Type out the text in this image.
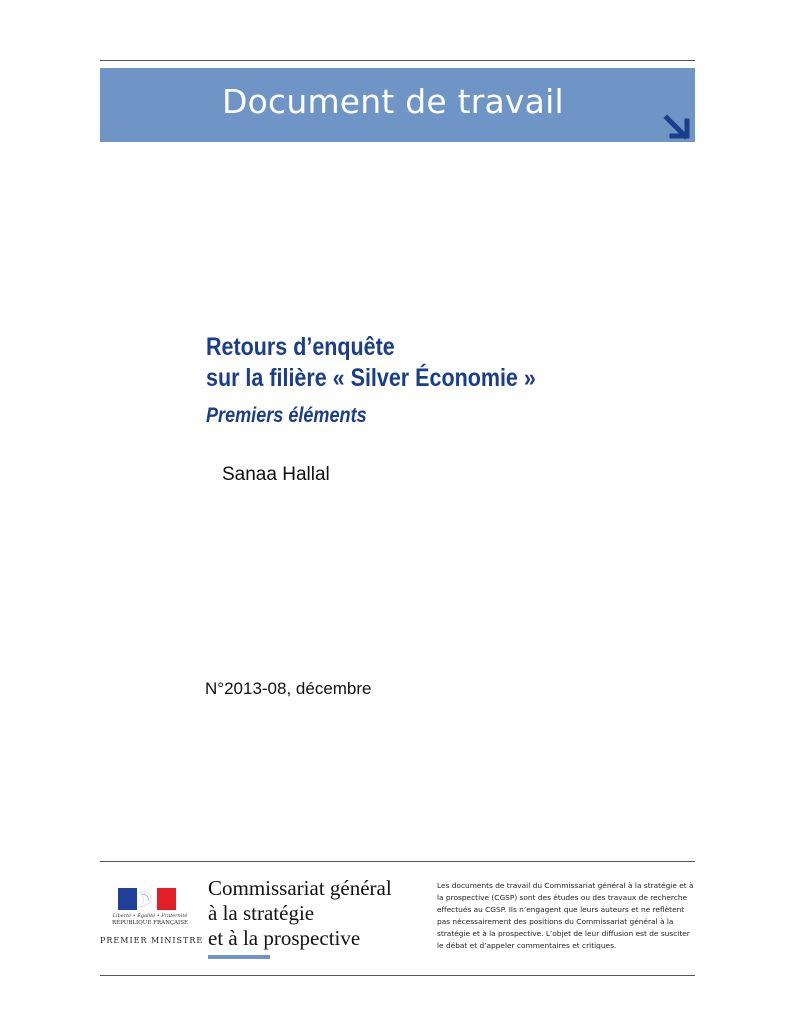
Document de travail
Retours d’enquête
sur la filière « Silver Économie »
Premiers éléments
Sanaa Hallal
N°2013-08, décembre
Liberté • Égalité • Fraternité
RÉPUBLIQUE FRANÇAISE
PREMIER MINISTRE
Commissariat général
à la stratégie
et à la prospective
Les documents de travail du Commissariat général à la stratégie et à la prospective (CGSP) sont des études ou des travaux de recherche effectués au CGSP. Ils n’engagent que leurs auteurs et ne reflètent pas nécessairement des positions du Commissariat général à la stratégie et à la prospective. L’objet de leur diffusion est de susciter le débat et d’appeler commentaires et critiques.
